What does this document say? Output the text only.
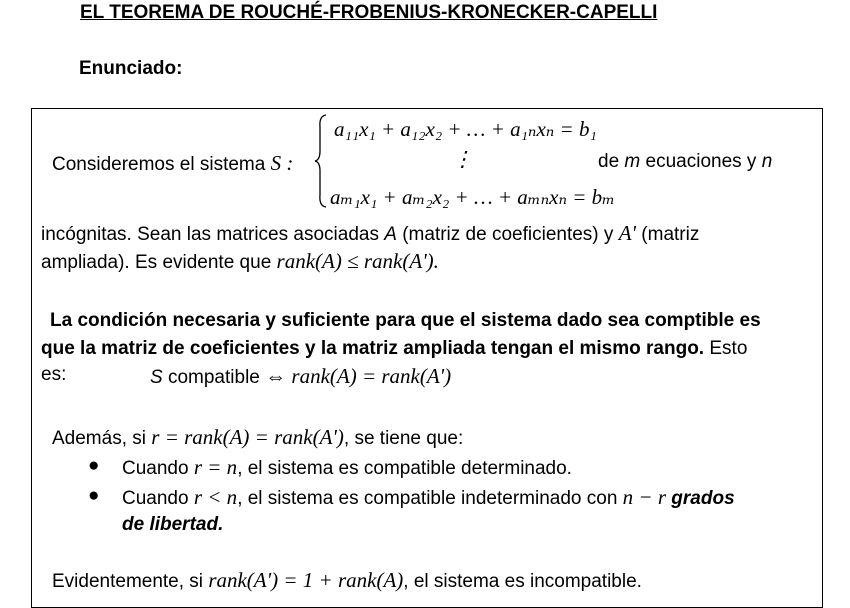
EL TEOREMA DE ROUCHÉ-FROBENIUS-KRONECKER-CAPELLI
Enunciado:
Consideremos el sistema S :
a₁₁x₁ + a₁₂x₂ + … + a₁ₙxₙ = b₁
⋮
aₘ₁x₁ + aₘ₂x₂ + … + aₘₙxₙ = bₘ
de m ecuaciones y n
incógnitas. Sean las matrices asociadas A (matriz de coeficientes) y A' (matriz
ampliada). Es evidente que rank(A) ≤ rank(A').
La condición necesaria y suficiente para que el sistema dado sea comptible es
que la matriz de coeficientes y la matriz ampliada tengan el mismo rango. Esto
es:	S compatible ⇔ rank(A) = rank(A')
Además, si r = rank(A) = rank(A'), se tiene que:
● Cuando r = n, el sistema es compatible determinado.
● Cuando r < n, el sistema es compatible indeterminado con n − r grados
de libertad.
Evidentemente, si rank(A') = 1 + rank(A), el sistema es incompatible.
